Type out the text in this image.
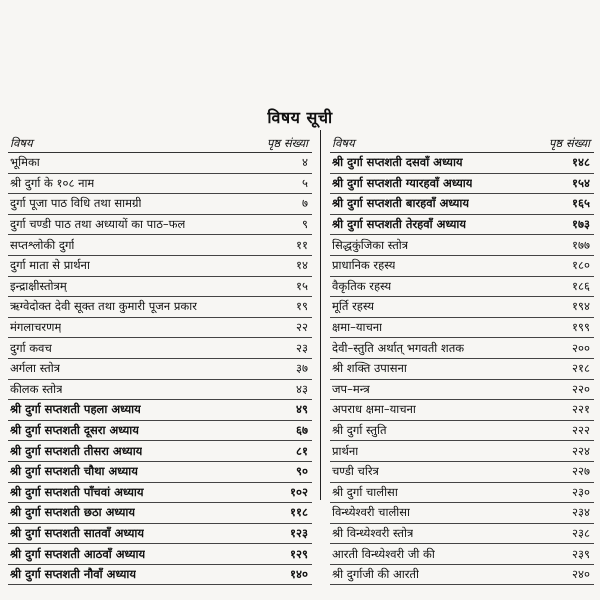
विषय सूची
विषय	पृष्ठ संख्या
भूमिका	४
श्री दुर्गा के १०८ नाम	५
दुर्गा पूजा पाठ विधि तथा सामग्री	७
दुर्गा चण्डी पाठ तथा अध्यायों का पाठ–फल	९
सप्तश्लोकी दुर्गा	११
दुर्गा माता से प्रार्थना	१४
इन्द्राक्षीस्तोत्रम्	१५
ऋग्वेदोक्त देवी सूक्त तथा कुमारी पूजन प्रकार	१९
मंगलाचरणम्	२२
दुर्गा कवच	२३
अर्गला स्तोत्र	३७
कीलक स्तोत्र	४३
श्री दुर्गा सप्तशती पहला अध्याय	४९
श्री दुर्गा सप्तशती दूसरा अध्याय	६७
श्री दुर्गा सप्तशती तीसरा अध्याय	८१
श्री दुर्गा सप्तशती चौथा अध्याय	९०
श्री दुर्गा सप्तशती पाँचवां अध्याय	१०२
श्री दुर्गा सप्तशती छठा अध्याय	११८
श्री दुर्गा सप्तशती सातवाँ अध्याय	१२३
श्री दुर्गा सप्तशती आठवाँ अध्याय	१२९
श्री दुर्गा सप्तशती नौवाँ अध्याय	१४०
विषय	पृष्ठ संख्या
श्री दुर्गा सप्तशती दसवाँ अध्याय	१४८
श्री दुर्गा सप्तशती ग्यारहवाँ अध्याय	१५४
श्री दुर्गा सप्तशती बारहवाँ अध्याय	१६५
श्री दुर्गा सप्तशती तेरहवाँ अध्याय	१७३
सिद्धकुंजिका स्तोत्र	१७७
प्राधानिक रहस्य	१८०
वैकृतिक रहस्य	१८६
मूर्ति रहस्य	१९४
क्षमा–याचना	१९९
देवी–स्तुति अर्थात् भगवती शतक	२००
श्री शक्ति उपासना	२१८
जप–मन्त्र	२२०
अपराध क्षमा–याचना	२२१
श्री दुर्गा स्तुति	२२२
प्रार्थना	२२४
चण्डी चरित्र	२२७
श्री दुर्गा चालीसा	२३०
विन्ध्येश्वरी चालीसा	२३४
श्री विन्ध्येश्वरी स्तोत्र	२३८
आरती विन्ध्येश्वरी जी की	२३९
श्री दुर्गाजी की आरती	२४०
